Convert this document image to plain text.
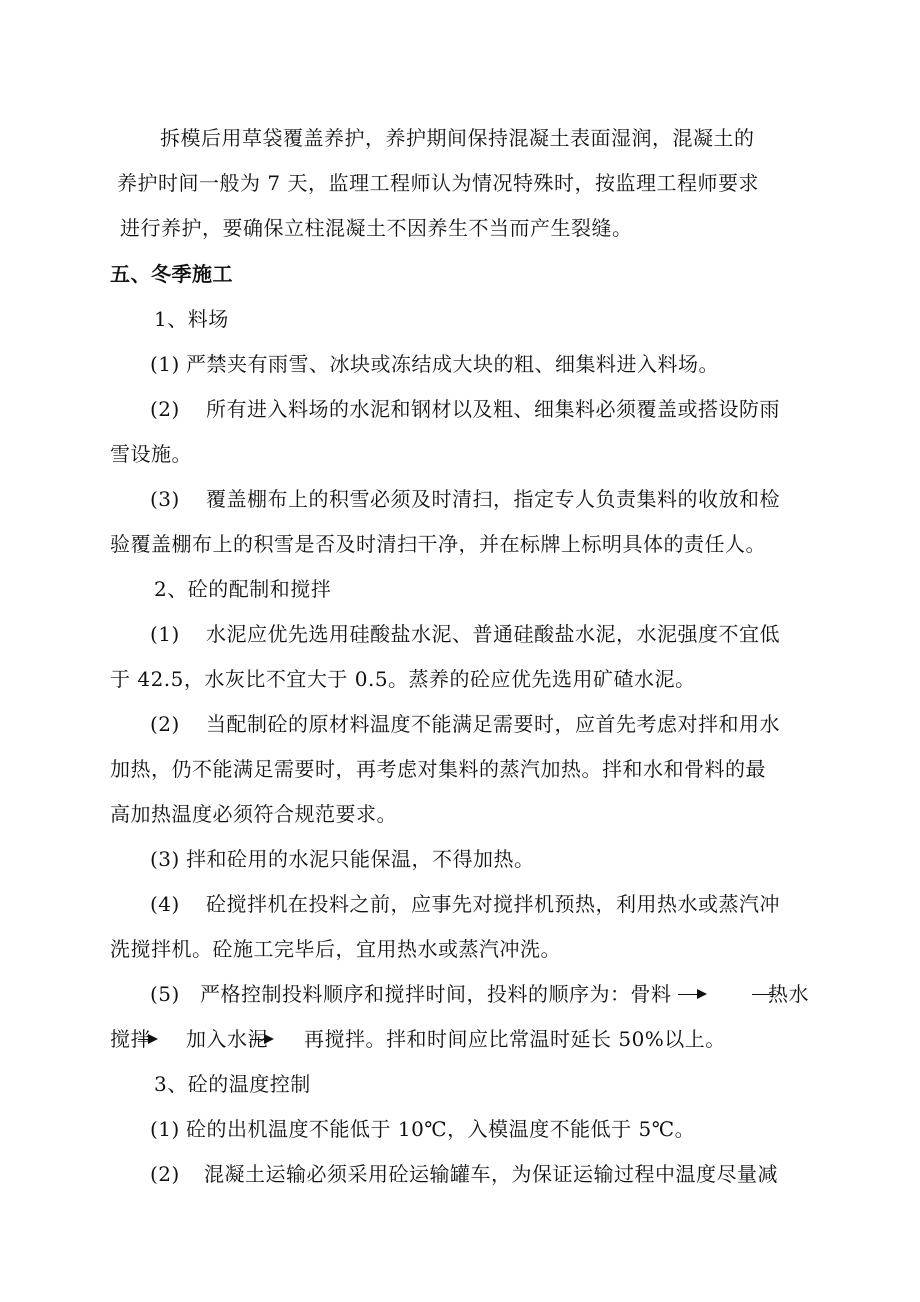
拆模后用草袋覆盖养护，养护期间保持混凝土表面湿润，混凝土的
养护时间一般为 7 天，监理工程师认为情况特殊时，按监理工程师要求
进行养护，要确保立柱混凝土不因养生不当而产生裂缝。
五、冬季施工
1、料场
(1) 严禁夹有雨雪、冰块或冻结成大块的粗、细集料进入料场。
(2) 所有进入料场的水泥和钢材以及粗、细集料必须覆盖或搭设防雨
雪设施。
(3) 覆盖棚布上的积雪必须及时清扫，指定专人负责集料的收放和检
验覆盖棚布上的积雪是否及时清扫干净，并在标牌上标明具体的责任人。
2、砼的配制和搅拌
(1) 水泥应优先选用硅酸盐水泥、普通硅酸盐水泥，水泥强度不宜低
于 42.5，水灰比不宜大于 0.5。蒸养的砼应优先选用矿碴水泥。
(2) 当配制砼的原材料温度不能满足需要时，应首先考虑对拌和用水
加热，仍不能满足需要时，再考虑对集料的蒸汽加热。拌和水和骨料的最
高加热温度必须符合规范要求。
(3) 拌和砼用的水泥只能保温，不得加热。
(4) 砼搅拌机在投料之前，应事先对搅拌机预热，利用热水或蒸汽冲
洗搅拌机。砼施工完毕后，宜用热水或蒸汽冲洗。
(5) 严格控制投料顺序和搅拌时间，投料的顺序为：骨料	热水
搅拌 加入水泥 再搅拌。拌和时间应比常温时延长 50%以上。
3、砼的温度控制
(1) 砼的出机温度不能低于 10℃，入模温度不能低于 5℃。
(2) 混凝土运输必须采用砼运输罐车，为保证运输过程中温度尽量减
